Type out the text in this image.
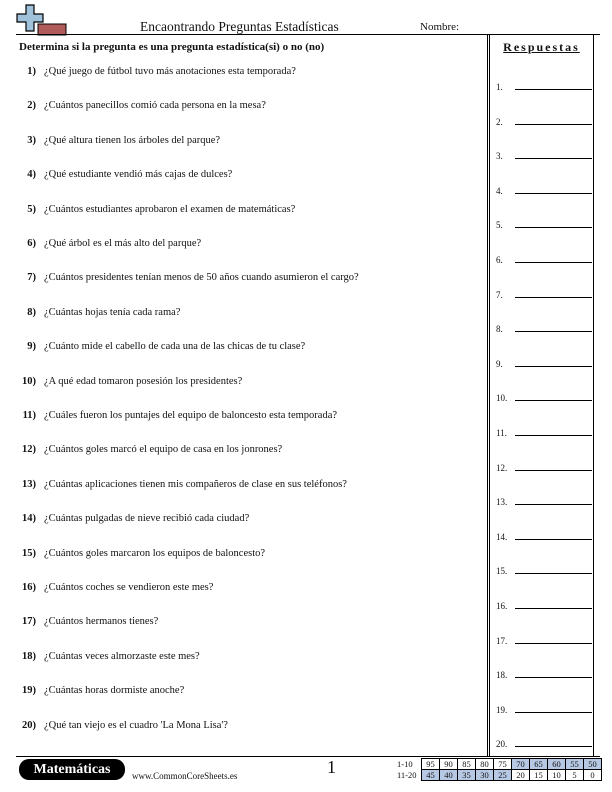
Encaontrando Preguntas Estadísticas	Nombre:
Determina si la pregunta es una pregunta estadística(si) o no (no)
1) ¿Qué juego de fútbol tuvo más anotaciones esta temporada?
2) ¿Cuántos panecillos comió cada persona en la mesa?
3) ¿Qué altura tienen los árboles del parque?
4) ¿Qué estudiante vendió más cajas de dulces?
5) ¿Cuántos estudiantes aprobaron el examen de matemáticas?
6) ¿Qué árbol es el más alto del parque?
7) ¿Cuántos presidentes tenían menos de 50 años cuando asumieron el cargo?
8) ¿Cuántas hojas tenía cada rama?
9) ¿Cuánto mide el cabello de cada una de las chicas de tu clase?
10) ¿A qué edad tomaron posesión los presidentes?
11) ¿Cuáles fueron los puntajes del equipo de baloncesto esta temporada?
12) ¿Cuántos goles marcó el equipo de casa en los jonrones?
13) ¿Cuántas aplicaciones tienen mis compañeros de clase en sus teléfonos?
14) ¿Cuántas pulgadas de nieve recibió cada ciudad?
15) ¿Cuántos goles marcaron los equipos de baloncesto?
16) ¿Cuántos coches se vendieron este mes?
17) ¿Cuántos hermanos tienes?
18) ¿Cuántas veces almorzaste este mes?
19) ¿Cuántas horas dormiste anoche?
20) ¿Qué tan viejo es el cuadro 'La Mona Lisa'?
Respuestas
1.
2.
3.
4.
5.
6.
7.
8.
9.
10.
11.
12.
13.
14.
15.
16.
17.
18.
19.
20.
Matemáticas	www.CommonCoreSheets.es	1	1-10	95	90	85	80	75	70	65	60	55	50
11-20	45	40	35	30	25	20	15	10	5	0
